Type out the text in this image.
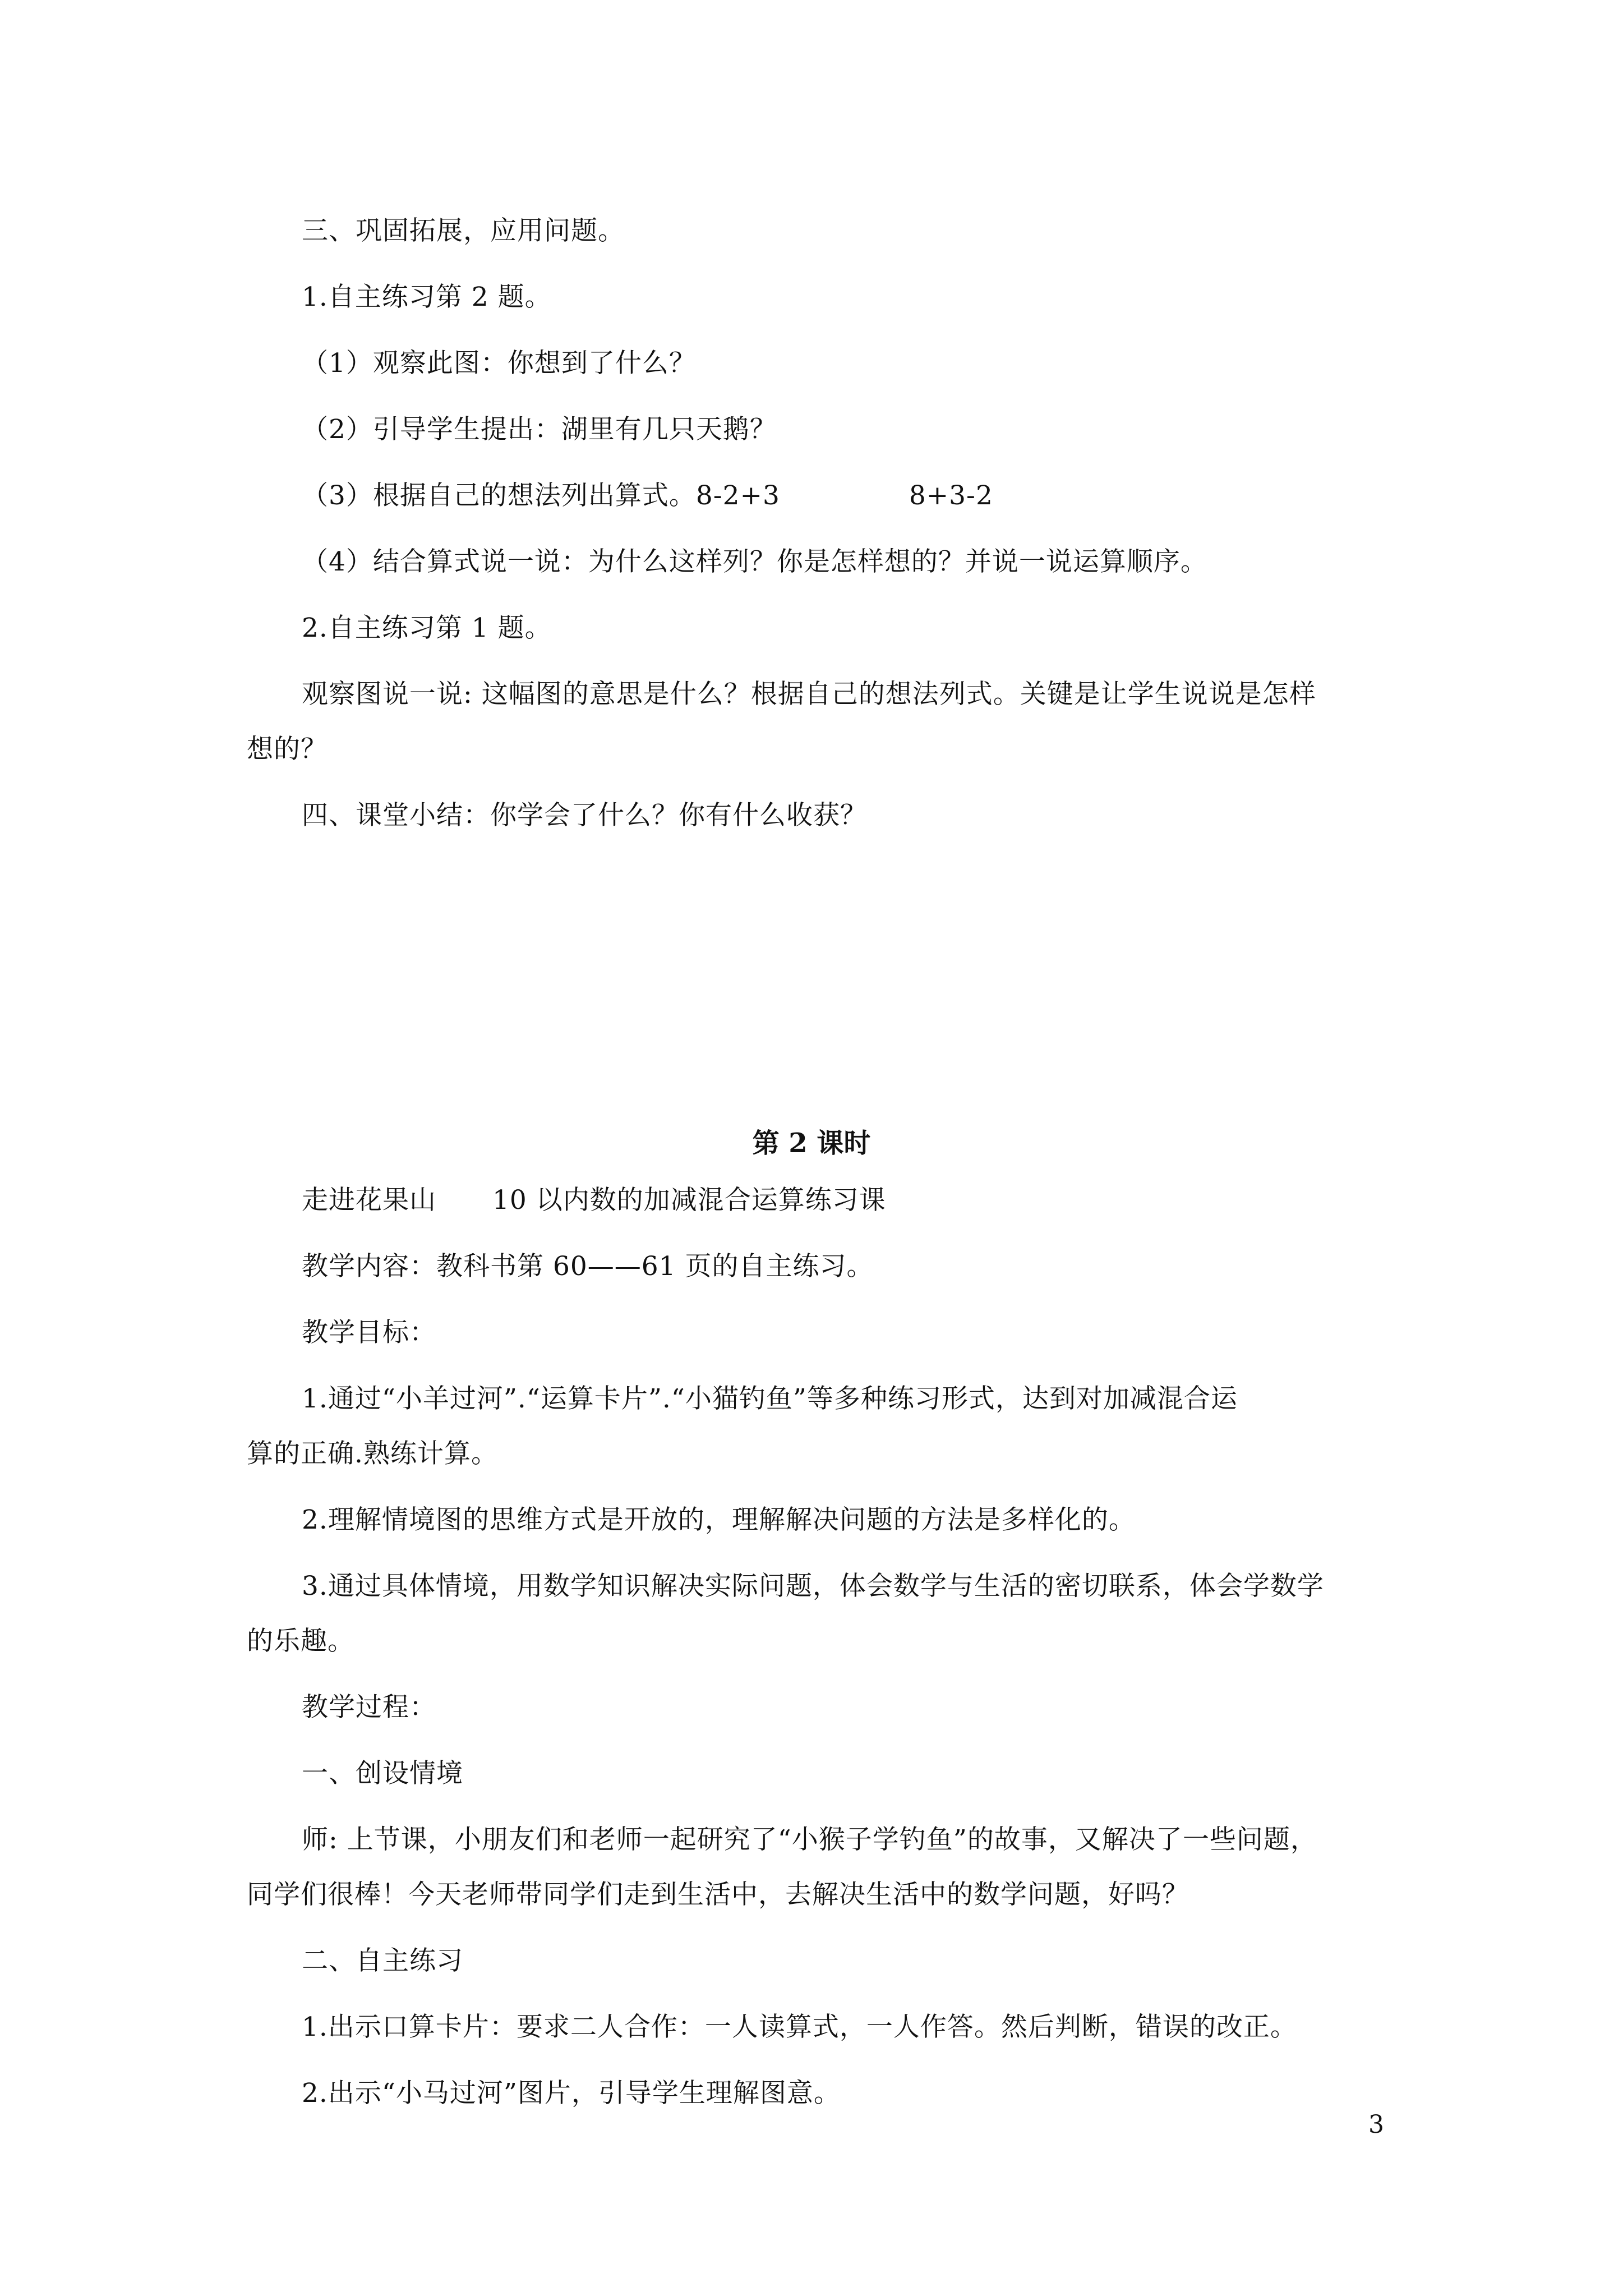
三、巩固拓展，应用问题。
1.自主练习第 2 题。
（1）观察此图：你想到了什么？
（2）引导学生提出：湖里有几只天鹅？
（3）根据自己的想法列出算式。8-2+3	8+3-2
（4）结合算式说一说：为什么这样列？你是怎样想的？并说一说运算顺序。
2.自主练习第 1 题。
观察图说一说: 这幅图的意思是什么？根据自己的想法列式。关键是让学生说说是怎样
想的？
四、课堂小结：你学会了什么？你有什么收获？
第 2 课时
走进花果山 10 以内数的加减混合运算练习课
教学内容：教科书第 60——61 页的自主练习。
教学目标：
1.通过“小羊过河”.“运算卡片”.“小猫钓鱼”等多种练习形式，达到对加减混合运
算的正确.熟练计算。
2.理解情境图的思维方式是开放的，理解解决问题的方法是多样化的。
3.通过具体情境，用数学知识解决实际问题，体会数学与生活的密切联系，体会学数学
的乐趣。
教学过程：
一、创设情境
师: 上节课，小朋友们和老师一起研究了“小猴子学钓鱼”的故事，又解决了一些问题，
同学们很棒！今天老师带同学们走到生活中，去解决生活中的数学问题，好吗？
二、自主练习
1.出示口算卡片：要求二人合作：一人读算式，一人作答。然后判断，错误的改正。
2.出示“小马过河”图片，引导学生理解图意。
3
